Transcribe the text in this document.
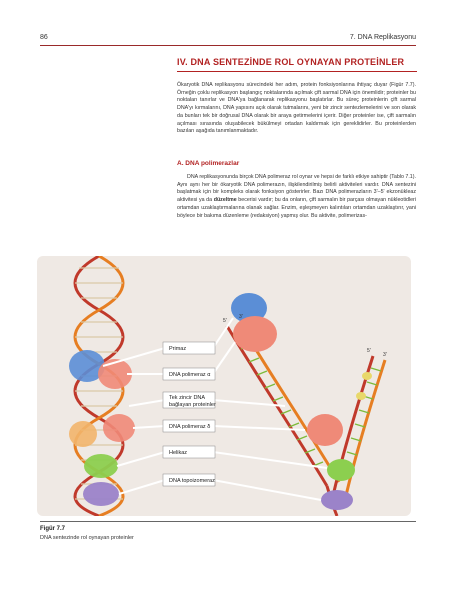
86	7. DNA Replikasyonu
IV. DNA SENTEZİNDE ROL OYNAYAN PROTEİNLER
Ökaryotik DNA replikasyonu sürecindeki her adım, protein fonksiyonlarına ihtiyaç duyar (Figür 7.7). Örneğin çoklu replikasyon başlangıç noktalarında açılmak çift sarmal DNA için önemlidir; proteinler bu noktaları tanırlar ve DNA'ya bağlanarak replikasyonu başlatırlar. Bu süreç proteinlerin çift sarmal DNA'yı kırmalarını, DNA yapısını açık olarak tutmalarını, yeni bir zincir sentezlemelerini ve son olarak da bunları tek bir doğrusal DNA olarak bir araya getirmelerini içerir. Diğer proteinler ise, çift sarmalın açılması sırasında oluşabilecek bükülmeyi ortadan kaldırmak için gereklidirler. Bu proteinlerden bazıları aşağıda tanımlanmaktadır.
A. DNA polimerazlar
DNA replikasyonunda birçok DNA polimeraz rol oynar ve hepsi de farklı etkiye sahiptir (Tablo 7.1). Aynı aynı her bir ökaryotik DNA polimerazın, ilişkilendirilmiş belirli aktiviteleri vardır. DNA sentezini başlatmak için bir kompleks olarak fonksiyon gösterirler. Bazı DNA polimerazların 3'–5' ekzonükleaz aktivitesi ya da düzeltme becerisi vardır; bu da onların, çift sarmalın bir parçası olmayan nükleotidleri ortamdan uzaklaştırmalarına olanak sağlar. Enzim, eşleşmeyen kalıntıları ortamdan uzaklaştırır, yani böylece bir bakıma düzenleme (redaksiyon) yapmış olur. Bu aktivite, polimerizas-
5'
3'
5'
3'
Primaz
DNA polimeraz α
Tek zincir DNA
bağlayan proteinler
DNA polimeraz δ
Helikaz
DNA topoizomeraz
Figür 7.7
DNA sentezinde rol oynayan proteinler
